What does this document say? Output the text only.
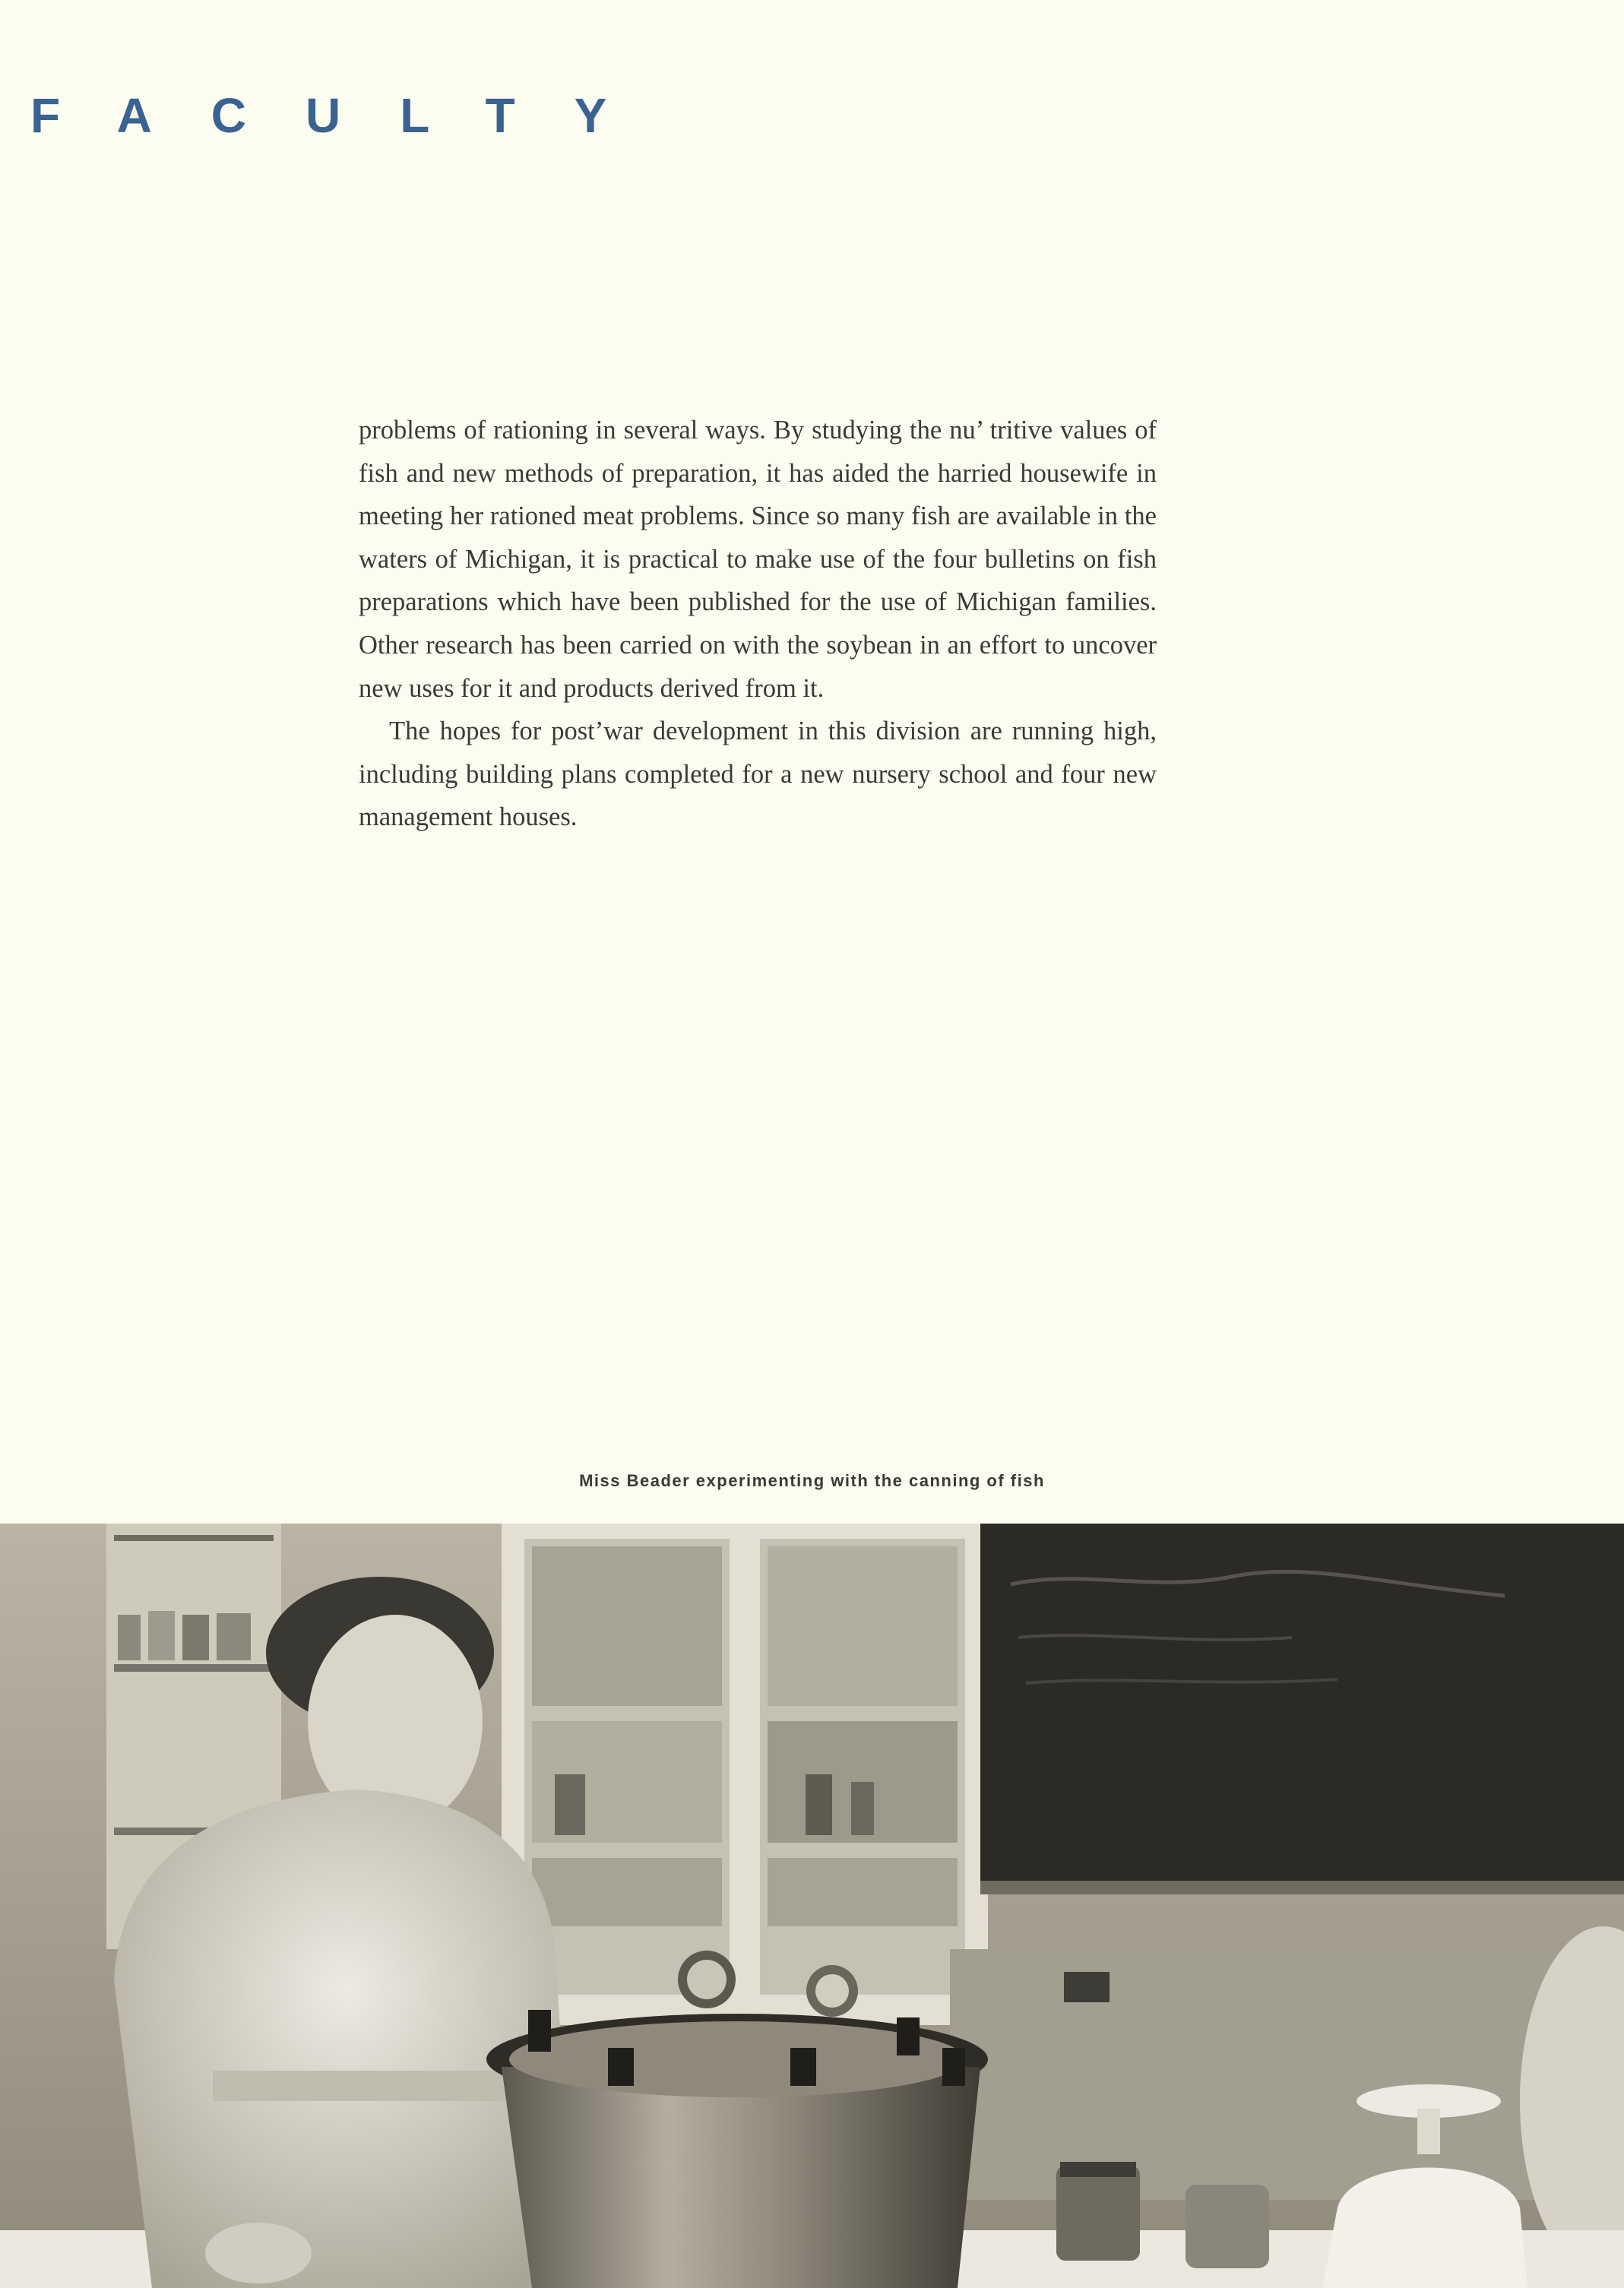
FACULTY

problems of rationing in several ways. By studying the nu’ tritive values of fish and new methods of preparation, it has aided the harried housewife in meeting her rationed meat problems. Since so many fish are available in the waters of Michigan, it is practical to make use of the four bulletins on fish preparations which have been published for the use of Michigan families. Other research has been carried on with the soybean in an effort to uncover new uses for it and products derived from it.

The hopes for post’war development in this division are running high, including building plans completed for a new nursery school and four new management houses.

Miss Beader experimenting with the canning of fish
